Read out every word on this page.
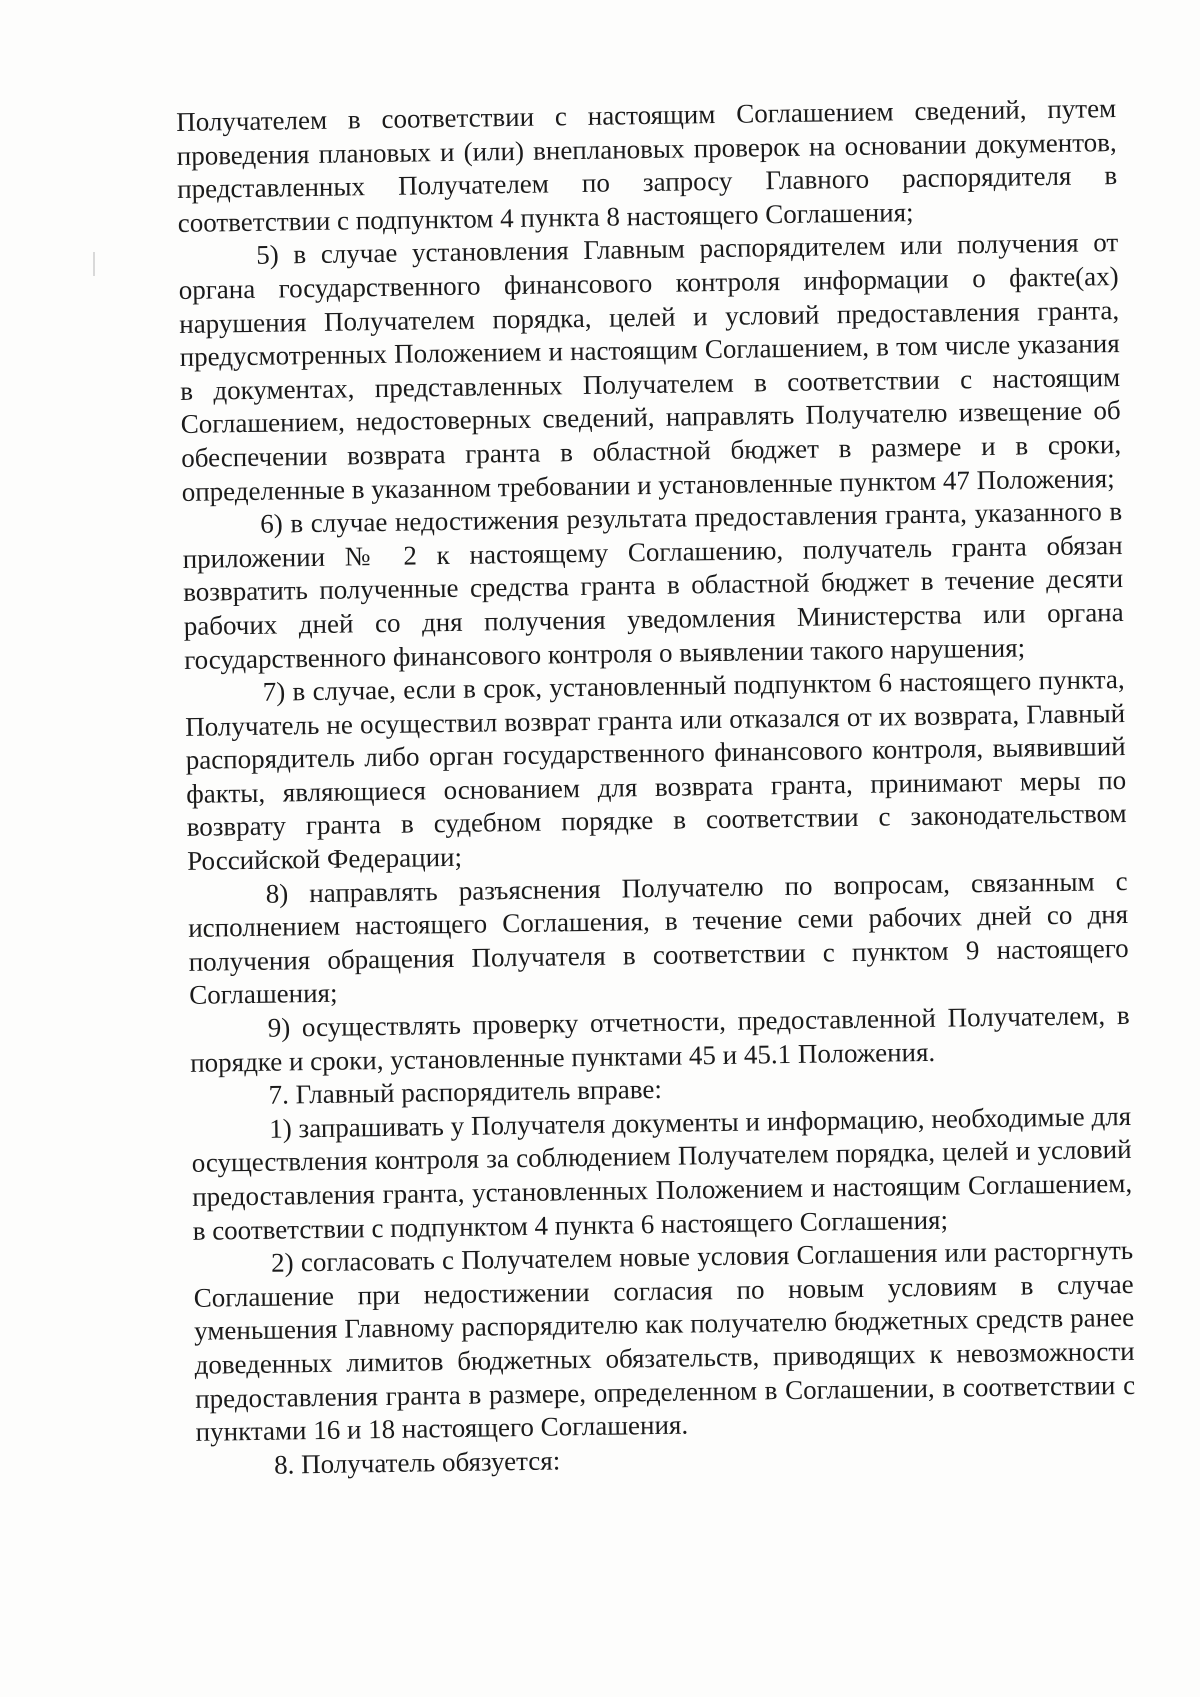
Получателем в соответствии с настоящим Соглашением сведений, путем проведения плановых и (или) внеплановых проверок на основании документов, представленных Получателем по запросу Главного распорядителя в соответствии с подпунктом 4 пункта 8 настоящего Соглашения;

5) в случае установления Главным распорядителем или получения от органа государственного финансового контроля информации о факте(ах) нарушения Получателем порядка, целей и условий предоставления гранта, предусмотренных Положением и настоящим Соглашением, в том числе указания в документах, представленных Получателем в соответствии с настоящим Соглашением, недостоверных сведений, направлять Получателю извещение об обеспечении возврата гранта в областной бюджет в размере и в сроки, определенные в указанном требовании и установленные пунктом 47 Положения;

6) в случае недостижения результата предоставления гранта, указанного в приложении № 2 к настоящему Соглашению, получатель гранта обязан возвратить полученные средства гранта в областной бюджет в течение десяти рабочих дней со дня получения уведомления Министерства или органа государственного финансового контроля о выявлении такого нарушения;

7) в случае, если в срок, установленный подпунктом 6 настоящего пункта, Получатель не осуществил возврат гранта или отказался от их возврата, Главный распорядитель либо орган государственного финансового контроля, выявивший факты, являющиеся основанием для возврата гранта, принимают меры по возврату гранта в судебном порядке в соответствии с законодательством Российской Федерации;

8) направлять разъяснения Получателю по вопросам, связанным с исполнением настоящего Соглашения, в течение семи рабочих дней со дня получения обращения Получателя в соответствии с пунктом 9 настоящего Соглашения;

9) осуществлять проверку отчетности, предоставленной Получателем, в порядке и сроки, установленные пунктами 45 и 45.1 Положения.

7. Главный распорядитель вправе:

1) запрашивать у Получателя документы и информацию, необходимые для осуществления контроля за соблюдением Получателем порядка, целей и условий предоставления гранта, установленных Положением и настоящим Соглашением, в соответствии с подпунктом 4 пункта 6 настоящего Соглашения;

2) согласовать с Получателем новые условия Соглашения или расторгнуть Соглашение при недостижении согласия по новым условиям в случае уменьшения Главному распорядителю как получателю бюджетных средств ранее доведенных лимитов бюджетных обязательств, приводящих к невозможности предоставления гранта в размере, определенном в Соглашении, в соответствии с пунктами 16 и 18 настоящего Соглашения.

8. Получатель обязуется:
